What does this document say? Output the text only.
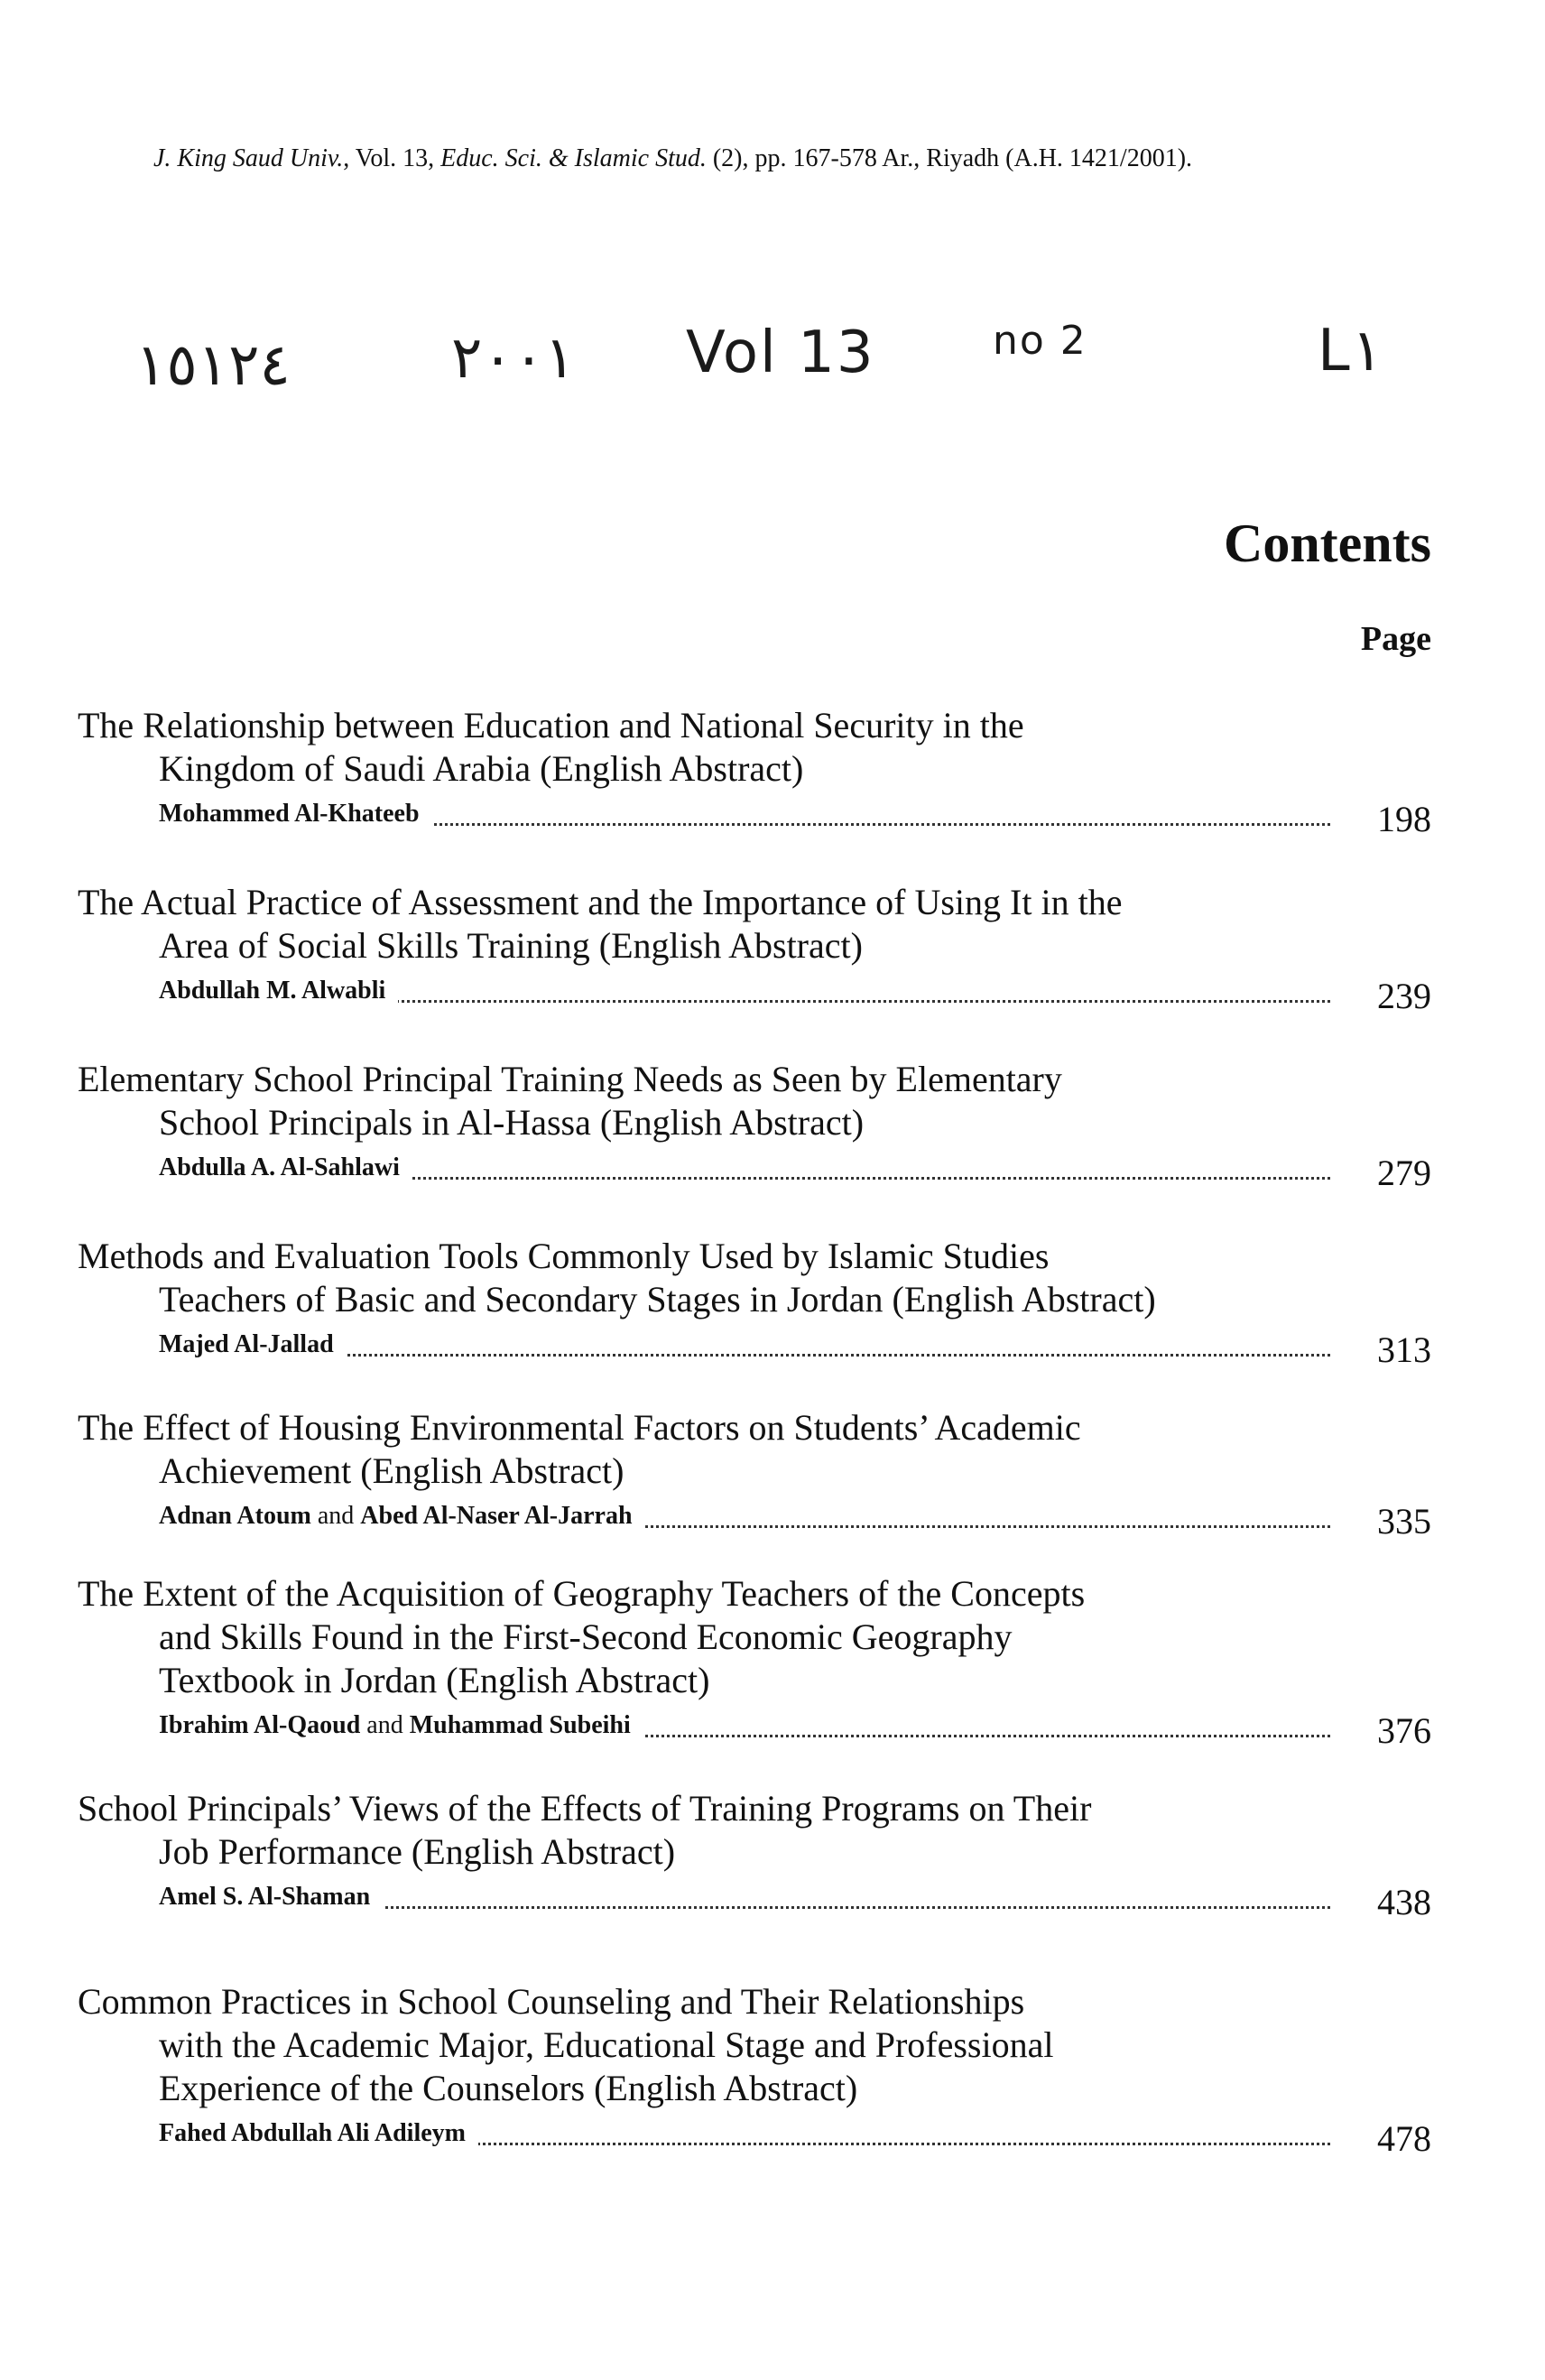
J. King Saud Univ., Vol. 13, Educ. Sci. & Islamic Stud. (2), pp. 167-578 Ar., Riyadh (A.H. 1421/2001).
١٥١٢٤	٢٠٠١ Vol 13	no 2	L١
Contents
Page
The Relationship between Education and National Security in the
Kingdom of Saudi Arabia (English Abstract)
Mohammed Al-Khateeb	198
The Actual Practice of Assessment and the Importance of Using It in the
Area of Social Skills Training (English Abstract)
Abdullah M. Alwabli	239
Elementary School Principal Training Needs as Seen by Elementary
School Principals in Al-Hassa (English Abstract)
Abdulla A. Al-Sahlawi	279
Methods and Evaluation Tools Commonly Used by Islamic Studies
Teachers of Basic and Secondary Stages in Jordan (English Abstract)
Majed Al-Jallad	313
The Effect of Housing Environmental Factors on Students’ Academic
Achievement (English Abstract)
Adnan Atoum and Abed Al-Naser Al-Jarrah	335
The Extent of the Acquisition of Geography Teachers of the Concepts
and Skills Found in the First-Second Economic Geography
Textbook in Jordan (English Abstract)
Ibrahim Al-Qaoud and Muhammad Subeihi	376
School Principals’ Views of the Effects of Training Programs on Their
Job Performance (English Abstract)
Amel S. Al-Shaman	438
Common Practices in School Counseling and Their Relationships
with the Academic Major, Educational Stage and Professional
Experience of the Counselors (English Abstract)
Fahed Abdullah Ali Adileym	478
